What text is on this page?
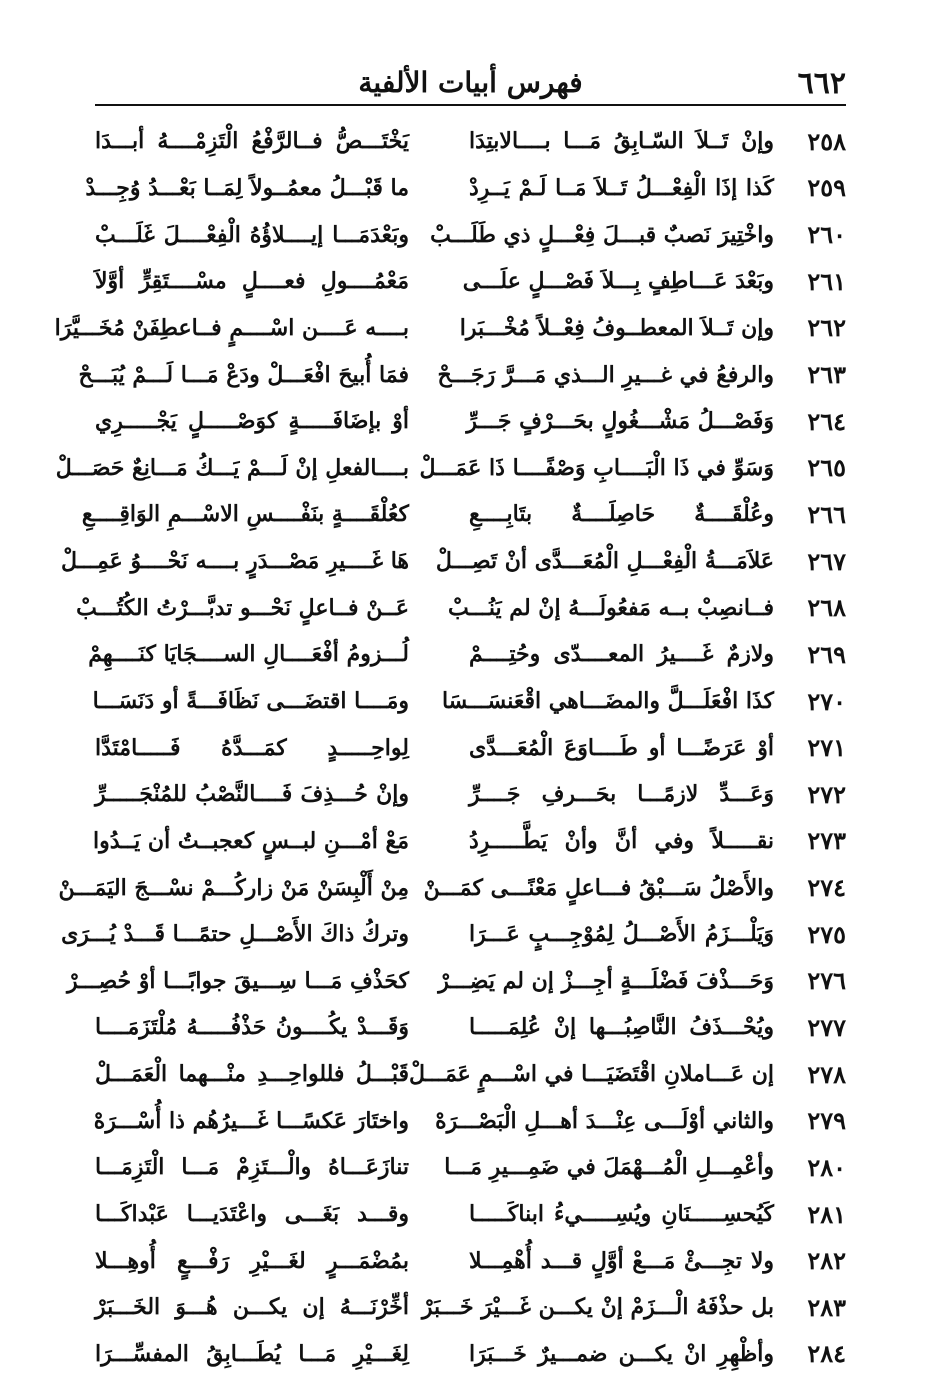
٦٦٢
فهرس أبيات الألفية
٢٥٨
وإنْ تَــلاَ السّـابِقُ مَـــا بــــالابتِدَا
يَخْتَـــصُّ فــالرَّفْعُ الْتَزِمْــــهُ أبـــدَا
٢٥٩
كَذا إذَا الْفِعْـــلُ تَــلاَ مَــا لَـمْ يَــرِدْ
ما قَبْـــلُ معمُــولاً لِمَــا بَعْـــدُ وُجِـــدْ
٢٦٠
واخْتِيرَ نَصبٌ قبـــلَ فِعْـــلٍ ذي طَلَـــبْ
وبَعْدَمَـــا إيــــلاؤُهُ الْفِعْــــلَ غَلَـــبْ
٢٦١
وبَعْدَ عَـــاطِفٍ بِـــلاَ فَصْـــلٍ علَـــى
مَعْمُــــولِ فعــــلٍ مسْــــتَقِرٍّ أوَّلاَ
٢٦٢
وإن تَــلاَ المعطــوفُ فِعْــلاً مُخْـــبَرا
بــــه عَــــن اسْــــمٍ فــاعطِفَنْ مُخَـــيَّرَا
٢٦٣
والرفعُ في غـــيرِ الـــذي مَـــرَّ رَجَـــحْ
فمَا أُبيحَ افْعَـــلْ ودَعْ مَـــا لَـــمْ يُبَـــحْ
٢٦٤
وَفَصْـــلُ مَشْـــغُولٍ بحَـــرْفٍ جَـــرِّ
أوْ بإضَافَـــــةٍ كوَصْـــــلٍ يَجْـــــرِي
٢٦٥
وَسَوِّ في ذَا الْبَــــابِ وَصْفًــــا ذَا عَمَـــلْ
بــــالفعلِ إنْ لَـــمْ يَـــكُ مَـــانِعٌ حَصَـــلْ
٢٦٦
وعُلْقَــــةٌ حَاصِلَــــةٌ بتَابِــــعِ
كعُلْقَــــةٍ بنَفْــــسِ الاسْـــمِ الوَاقِــــعِ
٢٦٧
عَلاَمَـــةُ الْفِعْـــلِ الْمُعَـــدَّى أنْ تَصِـــلْ
هَا غَــــيرِ مَصْـــدَرٍ بــــه نَحْــــوُ عَمِـــلْ
٢٦٨
فــانصِبْ بــه مَفعُولَـــهُ إنْ لم يَنُـــبْ
عَــنْ فــاعلٍ نَحْـــو تدبَّـــرْتُ الكُتُـــبْ
٢٦٩
ولازمٌ غَــــيرُ المعــــدّى وحُتِــــمْ
لُـــزومُ أفْعَــــالِ الســــجَايَا كنَــــهِمْ
٢٧٠
كذَا افْعَلَـــلَّ والمضَـــاهي اقْعَنسَـــسَا
ومَــــا اقتضَـــى نَظَافَـــةً أو دَنَسَـــا
٢٧١
أوْ عَرَضًـــا أو طَــــاوَعَ الْمُعَـــدَّى
لِواحِـــــدٍ كمَـــدَّهُ فَـــــامْتَدَّا
٢٧٢
وَعَـــدِّ لازمًـــا بحَـــرفِ جَــــرِّ
وإنْ حُـــذِفَ فَــــالنَّصْبُ للمُنْجَـــــرِّ
٢٧٣
نقـــــلاً وفي أنَّ وأنْ يَطَّـــــرِدُ
مَعْ أمْـــنِ لبــسٍ كعجبــتُ أن يَــدُوا
٢٧٤
والأَصْلُ سَـــبْقُ فـــاعلٍ مَعْنًـــى كمَـــنْ
مِنْ أَلْبِسَنْ مَنْ زاركُـــمْ نسْـــجَ اليَمَـــنْ
٢٧٥
وَيَلْـــزَمُ الأَصْـــلُ لِمُوْجِـــبٍ عَـــرَا
وتركُ ذاكَ الأَصْـــلِ حتمًـــا قَـــدْ يُـــرَى
٢٧٦
وَحَـــذْفَ فَضْلَـــةٍ أجِـــزْ إن لم يَضِـــرْ
كحَذْفِ مَـــا سِـــيقَ جوابًـــا أوْ حُصِـــرْ
٢٧٧
ويُحْـــذَفُ النَّاصِبُـــها إنْ عُلِمَـــــا
وَقَـــدْ يكُــــونُ حَذْفُـــــهُ مُلْتَزَمَــــا
٢٧٨
إن عَـــاملانِ اقْتَضَيَـــا في اسْـــمٍ عَمَـــلْ
قَبْـــلُ فللواحِـــدِ منْـــهما الْعَمَـــلْ
٢٧٩
والثاني أوْلَـــى عِنْـــدَ أهـــلِ الْبَصْـــرَهْ
واختَارَ عَكسًـــا غَـــيرُهُم ذا أُسْـــرَهْ
٢٨٠
وأعْمِـــلِ الْمُـــهْمَلَ في ضَمِـــيرِ مَـــا
تنازَعَـــاهُ والْـــتَزِمْ مَـــا الْتَزِمَـــا
٢٨١
كَيُحسِـــــنَانِ ويُسِـــــيءُ ابناكَـــــا
وقـــد بَغَـــى واعْتَدَيـــا عَبْداكَـــا
٢٨٢
ولا تجِـــئْ مَـــعْ أوَّلٍ قـــد أُهْمِـــلا
بمُضْمَـــرٍ لغَـــيْرِ رَفْـــعٍ أُوهِـــلا
٢٨٣
بل حذْفَهُ الْـــزَمْ إنْ يكـــن غَـــيْرَ خَـــبَرْ
أخِّرْنَـــهُ إن يكـــن هُـــوَ الخَـــبَرْ
٢٨٤
وأظْهِرِ انْ يكـــن ضمـــيرٌ خَـــبَرَا
لِغَـــيْرِ مَـــا يُطَـــابِقُ المفسِّـــرَا
